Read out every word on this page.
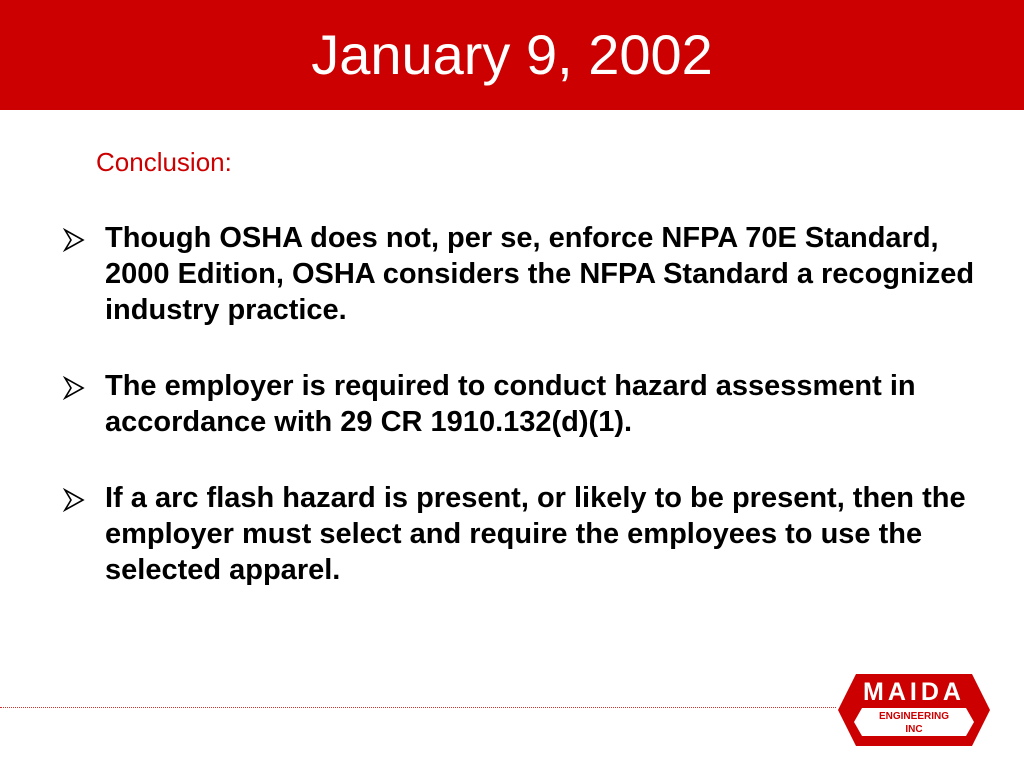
January 9, 2002
Conclusion:
Though OSHA does not, per se, enforce NFPA 70E Standard, 2000 Edition, OSHA considers the NFPA Standard a recognized industry practice.
The employer is required to conduct hazard assessment in accordance with 29 CR 1910.132(d)(1).
If a arc flash hazard is present, or likely to be present, then the employer must select and require the employees to use the selected apparel.
MAIDA
ENGINEERING
INC
